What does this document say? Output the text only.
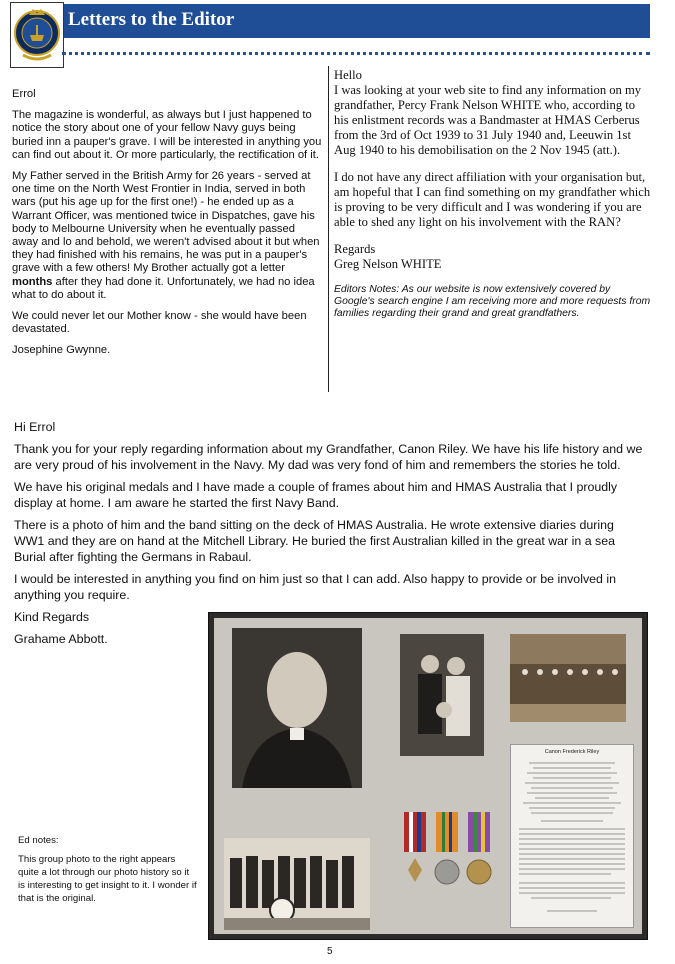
Letters to the Editor

Errol

The magazine is wonderful, as always but I just happened to notice the story about one of your fellow Navy guys being buried inn a pauper's grave. I will be interested in anything you can find out about it. Or more particularly, the rectification of it.

My Father served in the British Army for 26 years - served at one time on the North West Frontier in India, served in both wars (put his age up for the first one!) - he ended up as a Warrant Officer, was mentioned twice in Dispatches, gave his body to Melbourne University when he eventually passed away and lo and behold, we weren't advised about it but when they had finished with his remains, he was put in a pauper's grave with a few others! My Brother actually got a letter months after they had done it. Unfortunately, we had no idea what to do about it.

We could never let our Mother know - she would have been devastated.

Josephine Gwynne.

Hello

I was looking at your web site to find any information on my grandfather, Percy Frank Nelson WHITE who, according to his enlistment records was a Bandmaster at HMAS Cerberus from the 3rd of Oct 1939 to 31 July 1940 and, Leeuwin 1st Aug 1940 to his demobilisation on the 2 Nov 1945 (att.).

I do not have any direct affiliation with your organisation but, am hopeful that I can find something on my grandfather which is proving to be very difficult and I was wondering if you are able to shed any light on his involvement with the RAN?

Regards

Greg Nelson WHITE

Editors Notes: As our website is now extensively covered by Google's search engine I am receiving more and more requests from families regarding their grand and great grandfathers.

Hi Errol

Thank you for your reply regarding information about my Grandfather, Canon Riley. We have his life history and we are very proud of his involvement in the Navy. My dad was very fond of him and remembers the stories he told.

We have his original medals and I have made a couple of frames about him and HMAS Australia that I proudly display at home. I am aware he started the first Navy Band.

There is a photo of him and the band sitting on the deck of HMAS Australia. He wrote extensive diaries during WW1 and they are on hand at the Mitchell Library. He buried the first Australian killed in the great war in a sea Burial after fighting the Germans in Rabaul.

I would be interested in anything you find on him just so that I can add. Also happy to provide or be involved in anything you require.

Kind Regards

Grahame Abbott.

Canon Frederick Riley

Ed notes:

This group photo to the right appears quite a lot through our photo history so it is interesting to get insight to it. I wonder if that is the original.

5
